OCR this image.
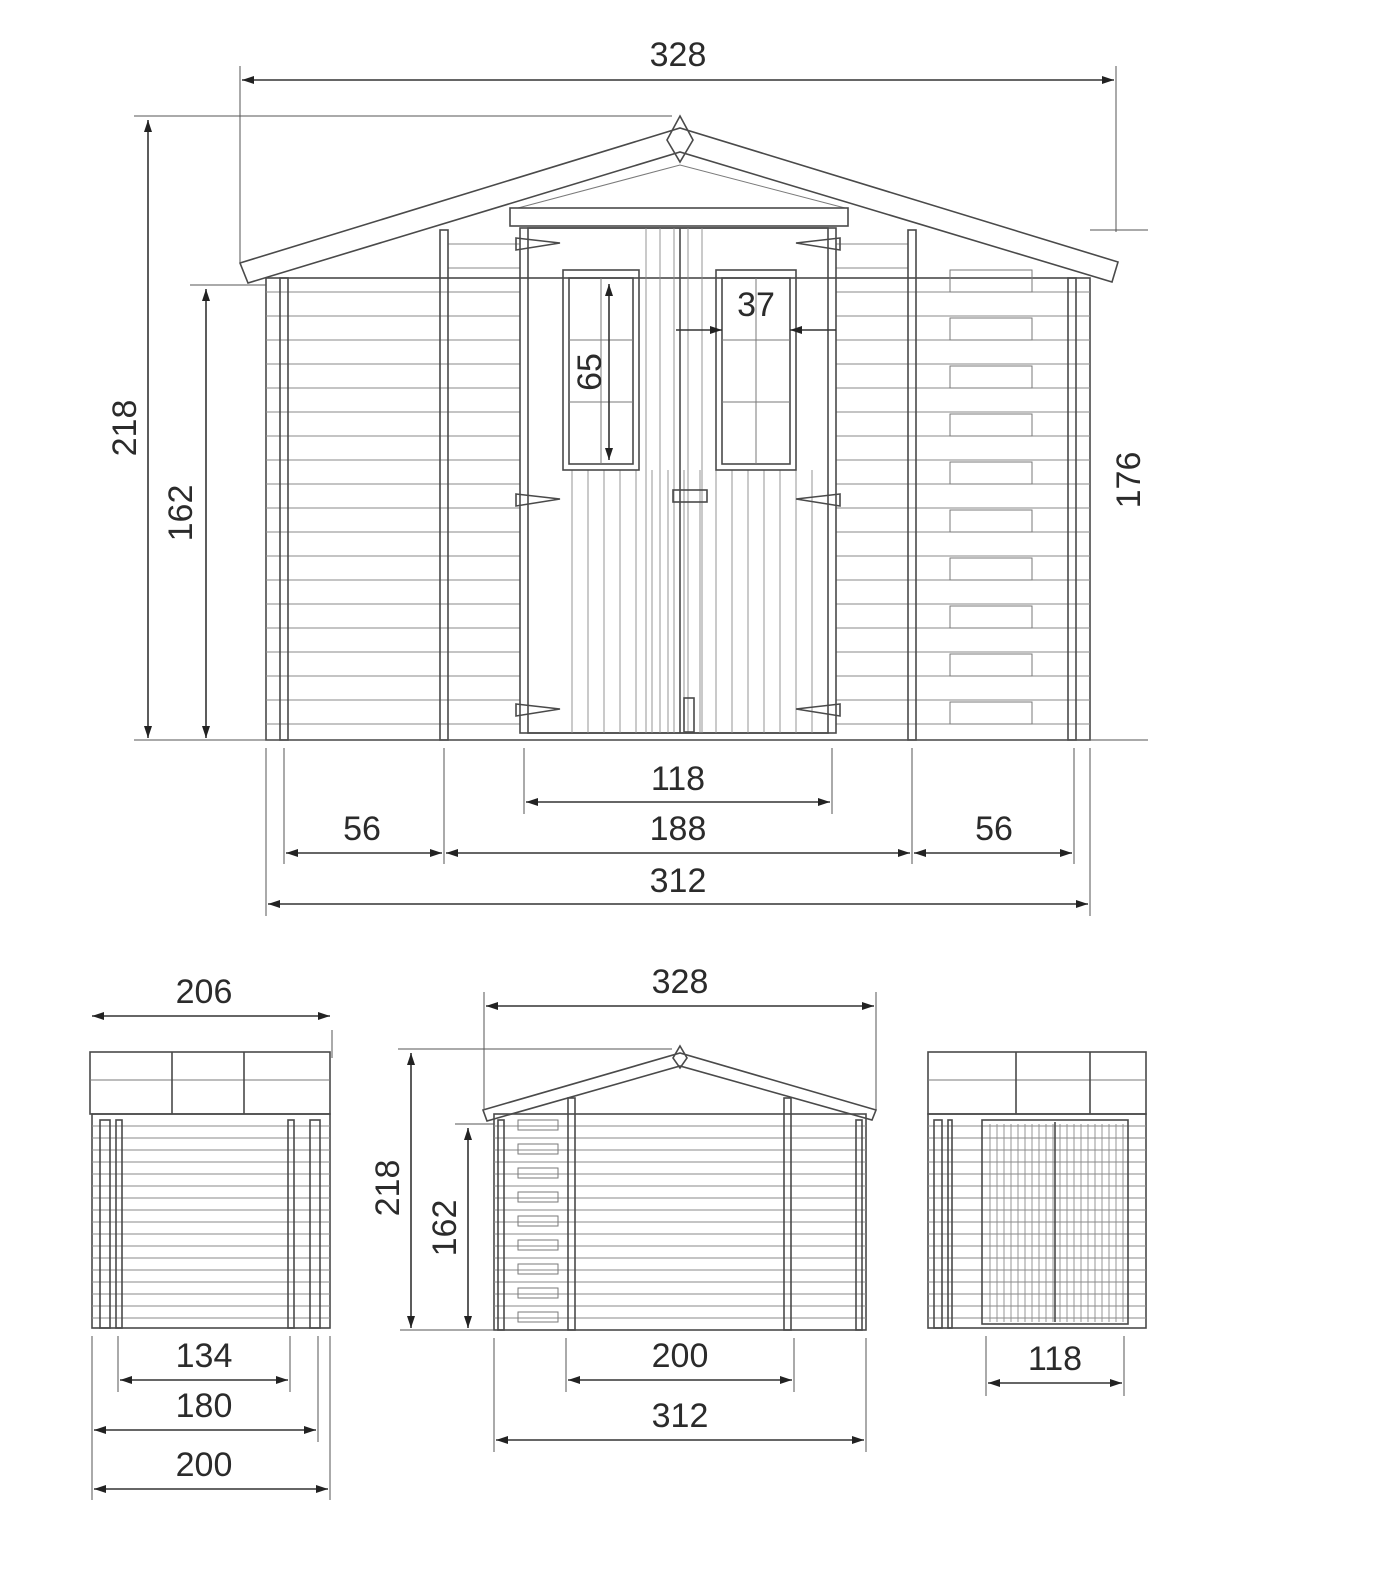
328
218
162
176
65
37
118
56	188	56
312
206
134
180
200
328
218
162
200
312
118
